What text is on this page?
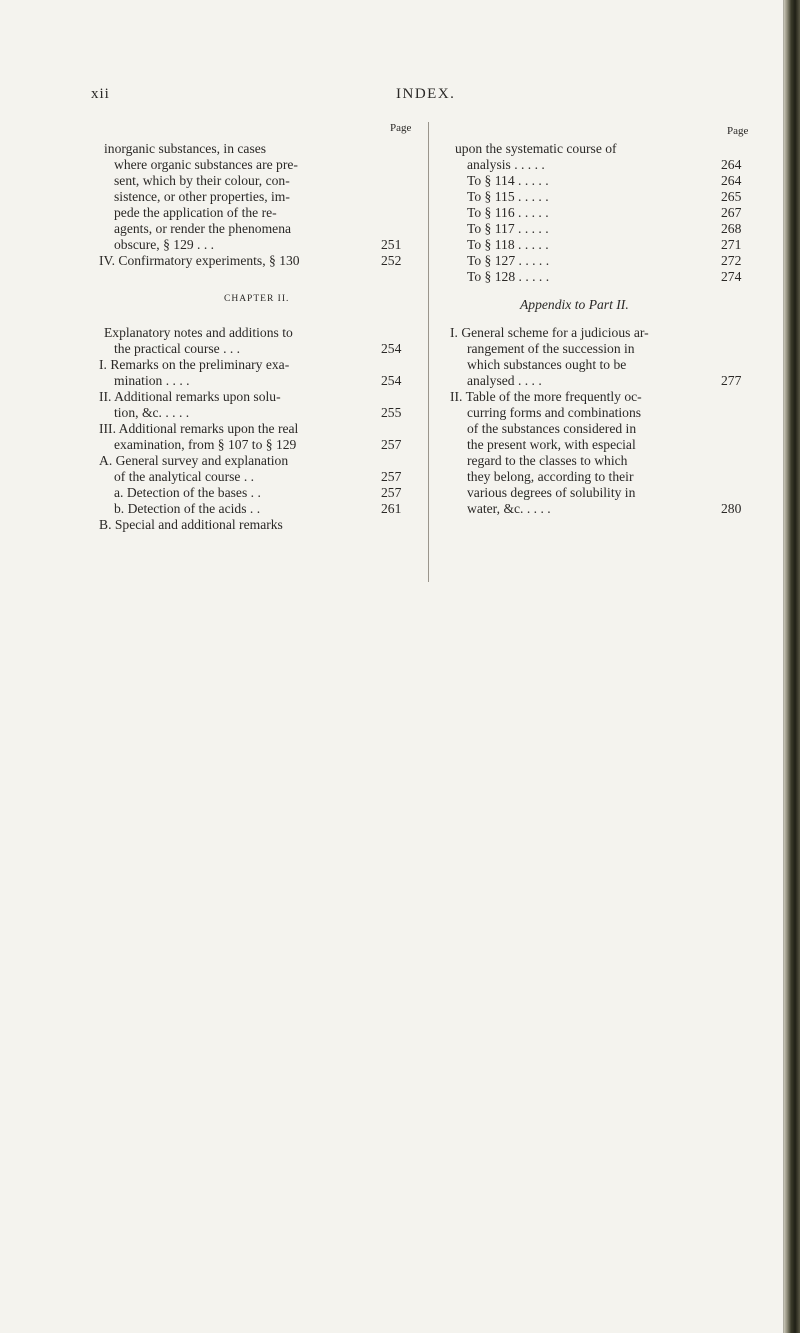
xii	INDEX.
Page
inorganic substances, in cases
where organic substances are pre-
sent, which by their colour, con-
sistence, or other properties, im-
pede the application of the re-
agents, or render the phenomena
obscure, § 129 . . .	251
IV. Confirmatory experiments, § 130	252
CHAPTER II.
Explanatory notes and additions to
the practical course . . .	254
I. Remarks on the preliminary exa-
mination . . . .	254
II. Additional remarks upon solu-
tion, &c. . . . .	255
III. Additional remarks upon the real
examination, from § 107 to § 129	257
A. General survey and explanation
of the analytical course . .	257
a. Detection of the bases . .	257
b. Detection of the acids . .	261
B. Special and additional remarks
Page
upon the systematic course of
analysis . . . . .	264
To § 114 . . . . .	264
To § 115 . . . . .	265
To § 116 . . . . .	267
To § 117 . . . . .	268
To § 118 . . . . .	271
To § 127 . . . . .	272
To § 128 . . . . .	274
Appendix to Part II.
I. General scheme for a judicious ar-
rangement of the succession in
which substances ought to be
analysed . . . .	277
II. Table of the more frequently oc-
curring forms and combinations
of the substances considered in
the present work, with especial
regard to the classes to which
they belong, according to their
various degrees of solubility in
water, &c. . . . .	280
